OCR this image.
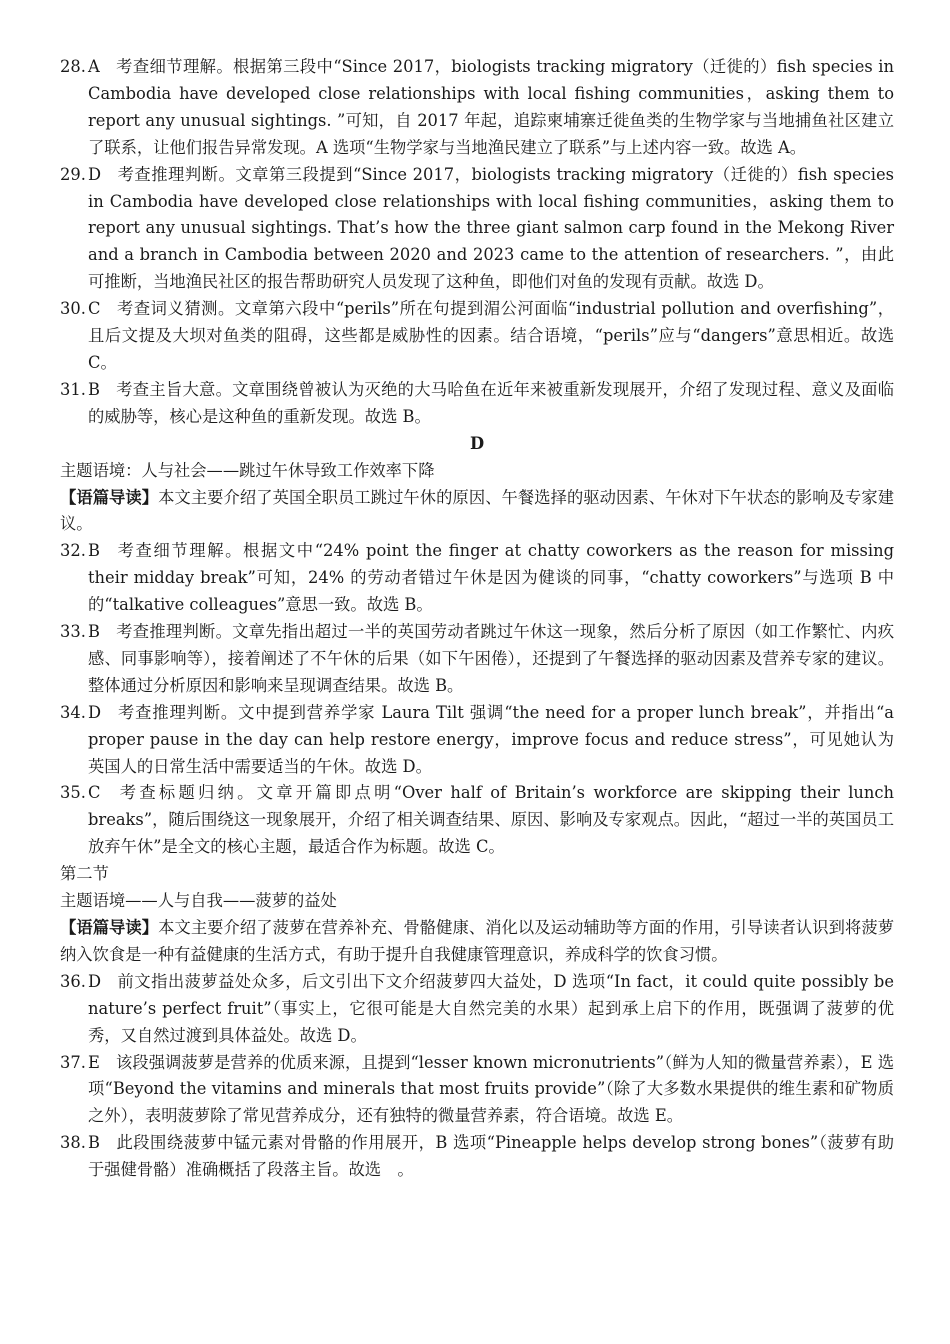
28. A 考查细节理解。根据第三段中“Since 2017，biologists tracking migratory（迁徙的）fish species in Cambodia have developed close relationships with local fishing communities，asking them to report any unusual sightings. ”可知，自 2017 年起，追踪柬埔寨迁徙鱼类的生物学家与当地捕鱼社区建立了联系，让他们报告异常发现。A 选项“生物学家与当地渔民建立了联系”与上述内容一致。故选 A。
29. D 考查推理判断。文章第三段提到“Since 2017，biologists tracking migratory（迁徙的）fish species in Cambodia have developed close relationships with local fishing communities，asking them to report any unusual sightings. That’s how the three giant salmon carp found in the Mekong River and a branch in Cambodia between 2020 and 2023 came to the attention of researchers. ”，由此可推断，当地渔民社区的报告帮助研究人员发现了这种鱼，即他们对鱼的发现有贡献。故选 D。
30. C 考查词义猜测。文章第六段中“perils”所在句提到湄公河面临“industrial pollution and overfishing”，且后文提及大坝对鱼类的阻碍，这些都是威胁性的因素。结合语境，“perils”应与“dangers”意思相近。故选 C。
31. B 考查主旨大意。文章围绕曾被认为灭绝的大马哈鱼在近年来被重新发现展开，介绍了发现过程、意义及面临的威胁等，核心是这种鱼的重新发现。故选 B。
D
主题语境：人与社会——跳过午休导致工作效率下降
【语篇导读】本文主要介绍了英国全职员工跳过午休的原因、午餐选择的驱动因素、午休对下午状态的影响及专家建议。
32. B 考查细节理解。根据文中“24% point the finger at chatty coworkers as the reason for missing their midday break”可知，24% 的劳动者错过午休是因为健谈的同事，“chatty coworkers”与选项 B 中的“talkative colleagues”意思一致。故选 B。
33. B 考查推理判断。文章先指出超过一半的英国劳动者跳过午休这一现象，然后分析了原因（如工作繁忙、内疚感、同事影响等），接着阐述了不午休的后果（如下午困倦），还提到了午餐选择的驱动因素及营养专家的建议。整体通过分析原因和影响来呈现调查结果。故选 B。
34. D 考查推理判断。文中提到营养学家 Laura Tilt 强调“the need for a proper lunch break”，并指出“a proper pause in the day can help restore energy，improve focus and reduce stress”，可见她认为英国人的日常生活中需要适当的午休。故选 D。
35. C 考查标题归纳。文章开篇即点明“Over half of Britain’s workforce are skipping their lunch breaks”，随后围绕这一现象展开，介绍了相关调查结果、原因、影响及专家观点。因此，“超过一半的英国员工放弃午休”是全文的核心主题，最适合作为标题。故选 C。
第二节
主题语境——人与自我——菠萝的益处
【语篇导读】本文主要介绍了菠萝在营养补充、骨骼健康、消化以及运动辅助等方面的作用，引导读者认识到将菠萝纳入饮食是一种有益健康的生活方式，有助于提升自我健康管理意识，养成科学的饮食习惯。
36. D 前文指出菠萝益处众多，后文引出下文介绍菠萝四大益处，D 选项“In fact，it could quite possibly be nature’s perfect fruit”（事实上，它很可能是大自然完美的水果）起到承上启下的作用，既强调了菠萝的优秀，又自然过渡到具体益处。故选 D。
37. E 该段强调菠萝是营养的优质来源，且提到“lesser known micronutrients”（鲜为人知的微量营养素），E 选项“Beyond the vitamins and minerals that most fruits provide”（除了大多数水果提供的维生素和矿物质之外），表明菠萝除了常见营养成分，还有独特的微量营养素，符合语境。故选 E。
38. B 此段围绕菠萝中锰元素对骨骼的作用展开，B 选项“Pineapple helps develop strong bones”（菠萝有助于强健骨骼）准确概括了段落主旨。故选　。
